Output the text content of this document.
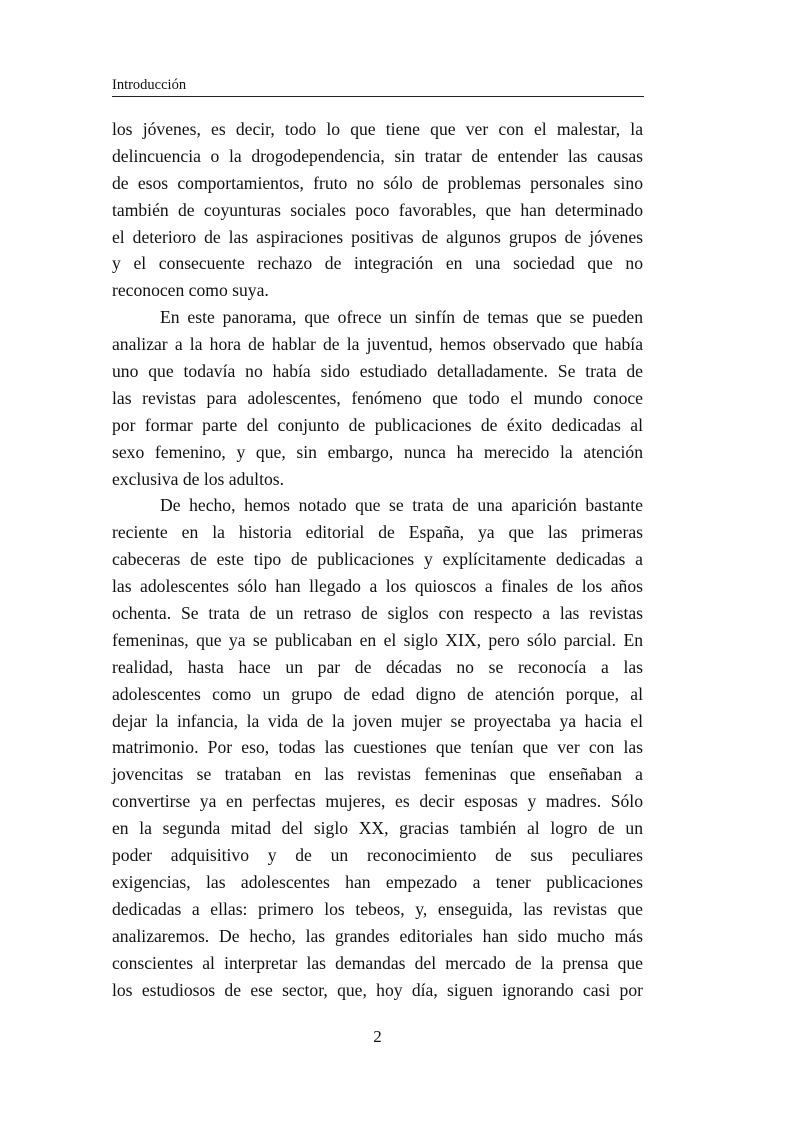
Introducción
los jóvenes, es decir, todo lo que tiene que ver con el malestar, la
delincuencia o la drogodependencia, sin tratar de entender las causas
de esos comportamientos, fruto no sólo de problemas personales sino
también de coyunturas sociales poco favorables, que han determinado
el deterioro de las aspiraciones positivas de algunos grupos de jóvenes
y el consecuente rechazo de integración en una sociedad que no
reconocen como suya.
En este panorama, que ofrece un sinfín de temas que se pueden
analizar a la hora de hablar de la juventud, hemos observado que había
uno que todavía no había sido estudiado detalladamente. Se trata de
las revistas para adolescentes, fenómeno que todo el mundo conoce
por formar parte del conjunto de publicaciones de éxito dedicadas al
sexo femenino, y que, sin embargo, nunca ha merecido la atención
exclusiva de los adultos.
De hecho, hemos notado que se trata de una aparición bastante
reciente en la historia editorial de España, ya que las primeras
cabeceras de este tipo de publicaciones y explícitamente dedicadas a
las adolescentes sólo han llegado a los quioscos a finales de los años
ochenta. Se trata de un retraso de siglos con respecto a las revistas
femeninas, que ya se publicaban en el siglo XIX, pero sólo parcial. En
realidad, hasta hace un par de décadas no se reconocía a las
adolescentes como un grupo de edad digno de atención porque, al
dejar la infancia, la vida de la joven mujer se proyectaba ya hacia el
matrimonio. Por eso, todas las cuestiones que tenían que ver con las
jovencitas se trataban en las revistas femeninas que enseñaban a
convertirse ya en perfectas mujeres, es decir esposas y madres. Sólo
en la segunda mitad del siglo XX, gracias también al logro de un
poder adquisitivo y de un reconocimiento de sus peculiares
exigencias, las adolescentes han empezado a tener publicaciones
dedicadas a ellas: primero los tebeos, y, enseguida, las revistas que
analizaremos. De hecho, las grandes editoriales han sido mucho más
conscientes al interpretar las demandas del mercado de la prensa que
los estudiosos de ese sector, que, hoy día, siguen ignorando casi por
2
